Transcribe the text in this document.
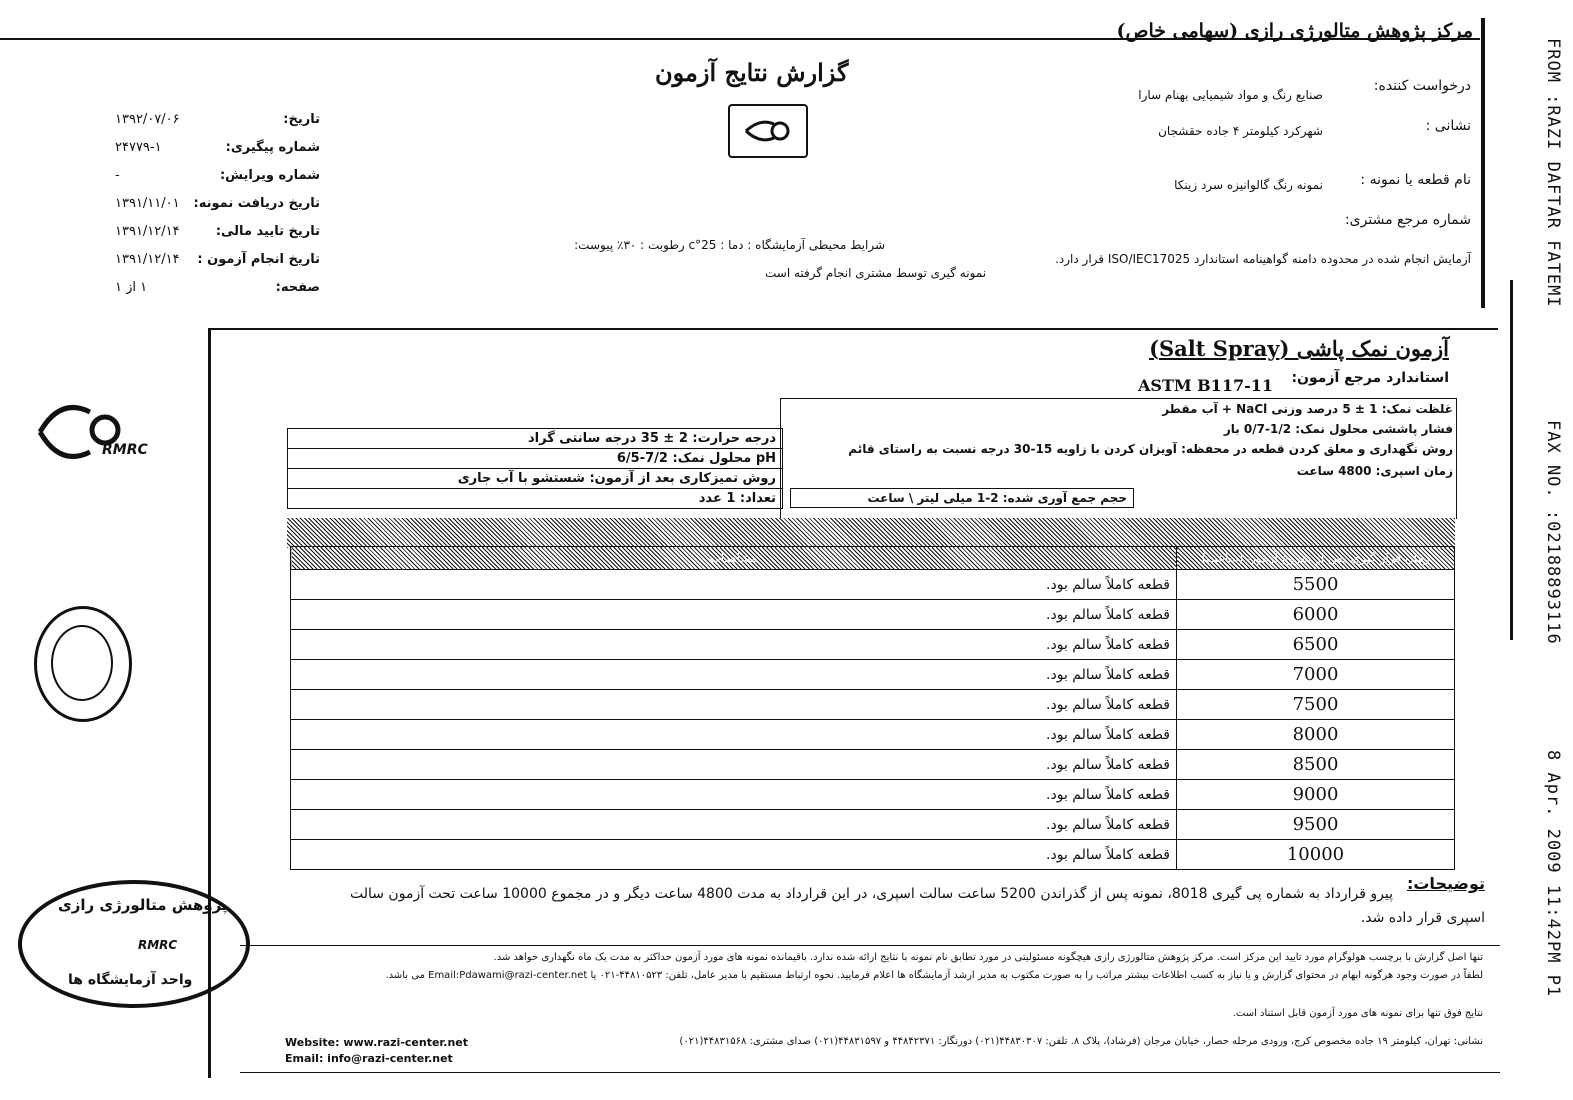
FROM :RAZI DAFTAR FATEMI
FAX NO. :02188893116
8 Apr. 2009 11:42PM P1
مرکز پژوهش متالورژی رازی (سهامی خاص)
درخواست کننده:
صنایع رنگ و مواد شیمیایی بهنام سارا
نشانی :
شهرکرد کیلومتر ۴ جاده حقشجان
نام قطعه یا نمونه :
نمونه رنگ گالوانیزه سرد زینکا
شماره مرجع مشتری:
آزمایش انجام شده در محدوده دامنه گواهینامه استاندارد ISO/IEC17025 قرار دارد.
گزارش نتایج آزمون
شرایط محیطی آزمایشگاه : دما : 25°c رطوبت : ۳۰٪ پیوست:
نمونه گیری توسط مشتری انجام گرفته است
تاریخ:
۱۳۹۲/۰۷/۰۶
شماره پیگیری:
۲۴۷۷۹-۱
شماره ویرایش:
-
تاریخ دریافت نمونه:
۱۳۹۱/۱۱/۰۱
تاریخ تایید مالی:
۱۳۹۱/۱۲/۱۴
تاریخ انجام آزمون :
۱۳۹۱/۱۲/۱۴
صفحه:
۱ از ۱
آزمون نمک پاشی (Salt Spray)
استاندارد مرجع آزمون:
ASTM B117-11
غلظت نمک: 1 ± 5 درصد وزنی NaCl + آب مقطر
فشار پاششی محلول نمک: 1/2-0/7 بار
روش نگهداری و معلق کردن قطعه در محفظه: آویزان کردن با زاویه 15-30 درجه نسبت به راستای قائم
زمان اسپری: 4800 ساعت
حجم جمع آوری شده: 2-1 میلی لیتر \ ساعت
درجه حرارت: 2 ± 35 درجه سانتی گراد
pH محلول نمک: 7/2-6/5
روش تمیزکاری بعد از آزمون: شستشو با آب جاری
تعداد: 1 عدد
مشاهدات	زمان قرار گیری پس از شروع آزمون (ساعت)
قطعه کاملاً سالم بود.	5500
قطعه کاملاً سالم بود.	6000
قطعه کاملاً سالم بود.	6500
قطعه کاملاً سالم بود.	7000
قطعه کاملاً سالم بود.	7500
قطعه کاملاً سالم بود.	8000
قطعه کاملاً سالم بود.	8500
قطعه کاملاً سالم بود.	9000
قطعه کاملاً سالم بود.	9500
قطعه کاملاً سالم بود.	10000
توضیحات:
پیرو قرارداد به شماره پی گیری 8018، نمونه پس از گذراندن 5200 ساعت سالت اسپری، در این قرارداد به مدت 4800 ساعت دیگر و در مجموع 10000 ساعت تحت آزمون سالت
اسپری قرار داده شد.
تنها اصل گزارش با برچسب هولوگرام مورد تایید این مرکز است. مرکز پژوهش متالورژی رازی هیچگونه مسئولیتی در مورد تطابق نام نمونه با نتایج ارائه شده ندارد. باقیمانده نمونه های مورد آزمون حداکثر به مدت یک ماه نگهداری خواهد شد.
لطفاً در صورت وجود هرگونه ابهام در محتوای گزارش و یا نیاز به کسب اطلاعات بیشتر مراتب را به صورت مکتوب به مدیر ارشد آزمایشگاه ها اعلام فرمایید. نحوه ارتباط مستقیم با مدیر عامل، تلفن: ۴۴۸۱۰۵۲۳-۰۲۱ یا Email:Pdawami@razi-center.net می باشد.
نتایج فوق تنها برای نمونه های مورد آزمون قابل استناد است.
نشانی: تهران، کیلومتر ۱۹ جاده مخصوص کرج، ورودی مرحله حصار، خیابان مرجان (فرشاد)، پلاک ۸. تلفن: ۴۴۸۳۰۳۰۷(۰۲۱) دورنگار: ۴۴۸۴۲۳۷۱ و ۴۴۸۳۱۵۹۷(۰۲۱) صدای مشتری: ۴۴۸۳۱۵۶۸(۰۲۱)
Website: www.razi-center.net
Email: info@razi-center.net
RMRC
پژوهش متالورژی رازی
RMRC
واحد آزمایشگاه ها
